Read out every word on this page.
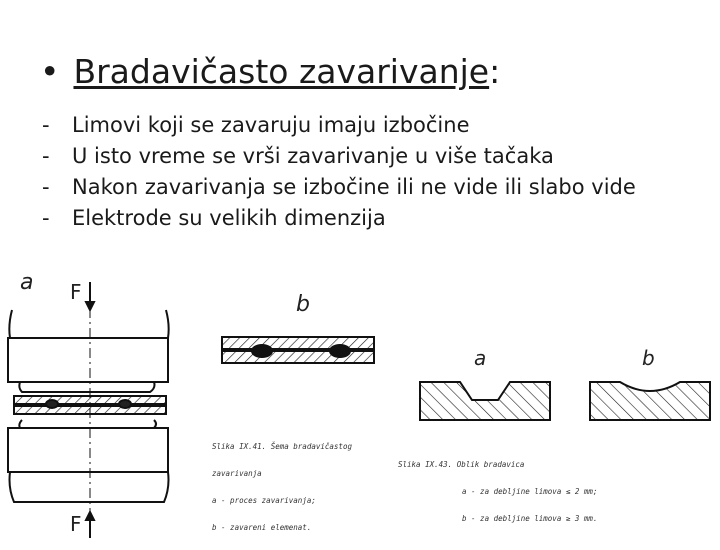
• Bradavičasto zavarivanje:
- Limovi koji se zavaruju imaju izbočine
- U isto vreme se vrši zavarivanje u više tačaka
- Nakon zavarivanja se izbočine ili ne vide ili slabo vide
- Elektrode su velikih dimenzija
a F
F
b
a	b

Slika IX.41. Šema bradavičastog

zavarivanja

a - proces zavarivanja;

b - zavareni elemenat.

Slika IX.43. Oblik bradavica

a - za debljine limova ≤ 2 mm;

b - za debljine limova ≥ 3 mm.
